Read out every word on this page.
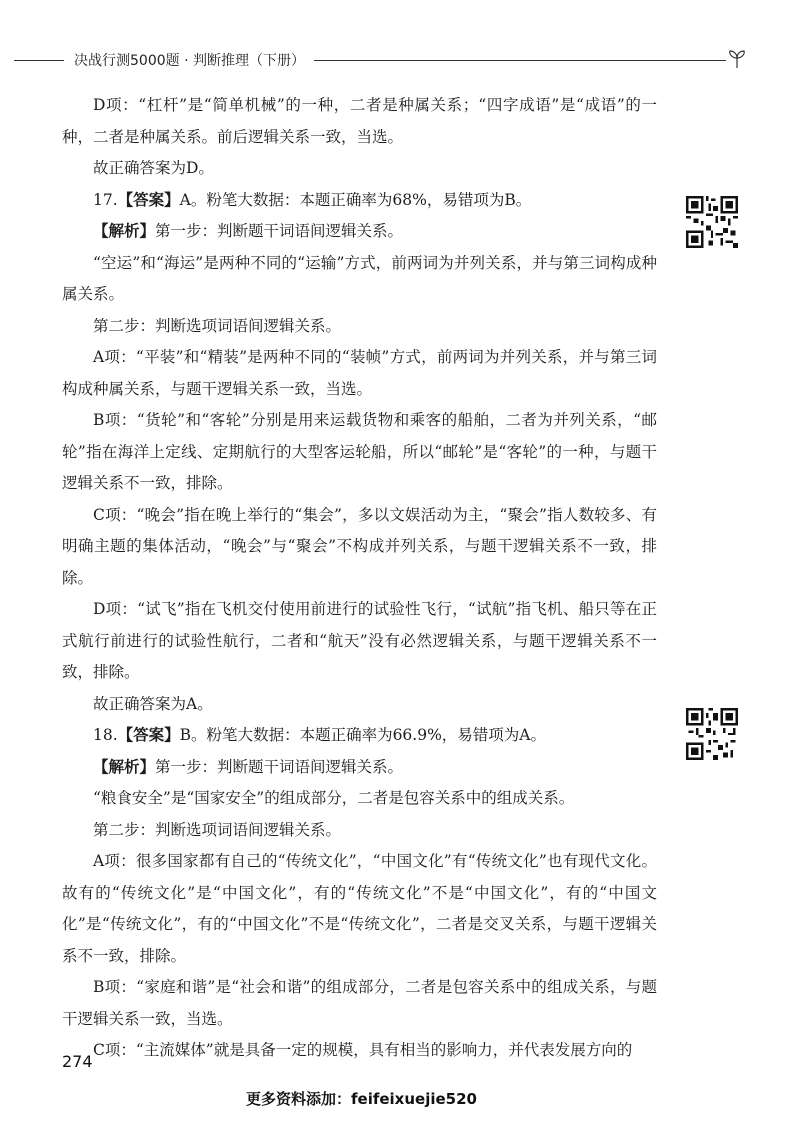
决战行测5000题 · 判断推理（下册）

D项：“杠杆”是“简单机械”的一种，二者是种属关系；“四字成语”是“成语”的一种，二者是种属关系。前后逻辑关系一致，当选。

故正确答案为D。

17.【答案】A。粉笔大数据：本题正确率为68%，易错项为B。

【解析】第一步：判断题干词语间逻辑关系。

“空运”和“海运”是两种不同的“运输”方式，前两词为并列关系，并与第三词构成种属关系。

第二步：判断选项词语间逻辑关系。

A项：“平装”和“精装”是两种不同的“装帧”方式，前两词为并列关系，并与第三词构成种属关系，与题干逻辑关系一致，当选。

B项：“货轮”和“客轮”分别是用来运载货物和乘客的船舶，二者为并列关系，“邮轮”指在海洋上定线、定期航行的大型客运轮船，所以“邮轮”是“客轮”的一种，与题干逻辑关系不一致，排除。

C项：“晚会”指在晚上举行的“集会”，多以文娱活动为主，“聚会”指人数较多、有明确主题的集体活动，“晚会”与“聚会”不构成并列关系，与题干逻辑关系不一致，排除。

D项：“试飞”指在飞机交付使用前进行的试验性飞行，“试航”指飞机、船只等在正式航行前进行的试验性航行，二者和“航天”没有必然逻辑关系，与题干逻辑关系不一致，排除。

故正确答案为A。

18.【答案】B。粉笔大数据：本题正确率为66.9%，易错项为A。

【解析】第一步：判断题干词语间逻辑关系。

“粮食安全”是“国家安全”的组成部分，二者是包容关系中的组成关系。

第二步：判断选项词语间逻辑关系。

A项：很多国家都有自己的“传统文化”，“中国文化”有“传统文化”也有现代文化。故有的“传统文化”是“中国文化”，有的“传统文化”不是“中国文化”，有的“中国文化”是“传统文化”，有的“中国文化”不是“传统文化”，二者是交叉关系，与题干逻辑关系不一致，排除。

B项：“家庭和谐”是“社会和谐”的组成部分，二者是包容关系中的组成关系，与题干逻辑关系一致，当选。

C项：“主流媒体”就是具备一定的规模，具有相当的影响力，并代表发展方向的

274
更多资料添加：feifeixuejie520
